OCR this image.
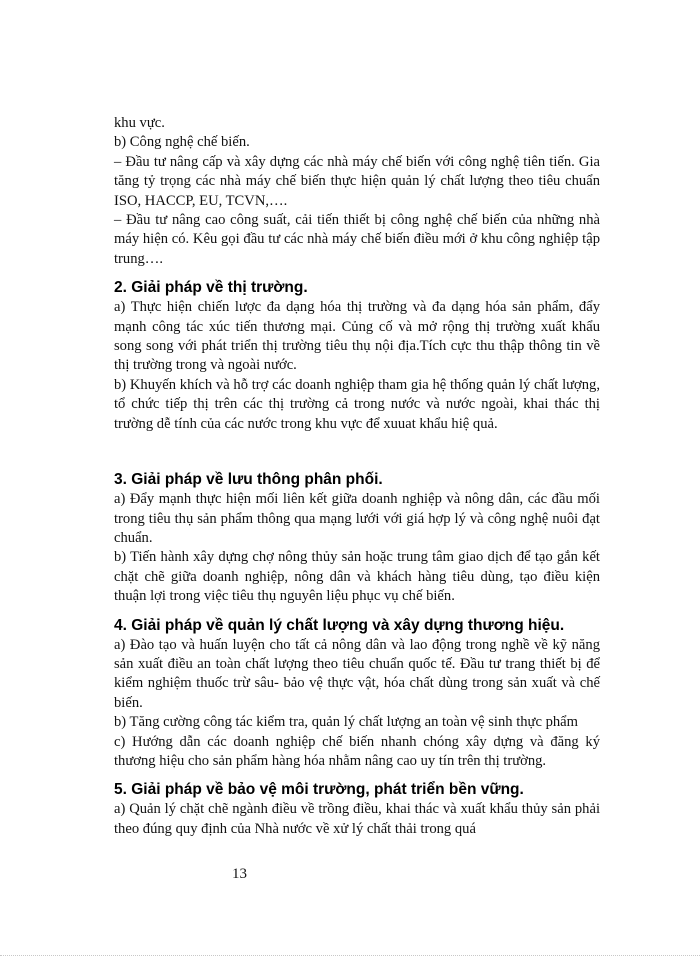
khu vực.

b) Công nghệ chế biến.

– Đầu tư nâng cấp và xây dựng các nhà máy chế biến với công nghệ tiên tiến. Gia tăng tỷ trọng các nhà máy chế biến thực hiện quản lý chất lượng theo tiêu chuẩn ISO, HACCP, EU, TCVN,….

– Đầu tư nâng cao công suất, cải tiến thiết bị công nghệ chế biến của những nhà máy hiện có. Kêu gọi đầu tư các nhà máy chế biến điều mới ở khu công nghiệp tập trung….

2. Giải pháp về thị trường.

a) Thực hiện chiến lược đa dạng hóa thị trường và đa dạng hóa sản phẩm, đẩy mạnh công tác xúc tiến thương mại. Củng cố và mở rộng thị trường xuất khẩu song song với phát triển thị trường tiêu thụ nội địa.Tích cực thu thập thông tin về thị trường trong và ngoài nước.

b) Khuyến khích và hỗ trợ các doanh nghiệp tham gia hệ thống quản lý chất lượng, tổ chức tiếp thị trên các thị trường cả trong nước và nước ngoài, khai thác thị trường dễ tính của các nước trong khu vực để xuuat khẩu hiệ quả.

3. Giải pháp về lưu thông phân phối.

a) Đẩy mạnh thực hiện mối liên kết giữa doanh nghiệp và nông dân, các đầu mối trong tiêu thụ sản phẩm thông qua mạng lưới với giá hợp lý và công nghệ nuôi đạt chuẩn.

b) Tiến hành xây dựng chợ nông thủy sản hoặc trung tâm giao dịch để tạo gắn kết chặt chẽ giữa doanh nghiệp, nông dân và khách hàng tiêu dùng, tạo điều kiện thuận lợi trong việc tiêu thụ nguyên liệu phục vụ chế biến.

4. Giải pháp về quản lý chất lượng và xây dựng thương hiệu.

a) Đào tạo và huấn luyện cho tất cả nông dân và lao động trong nghề về kỹ năng sản xuất điều an toàn chất lượng theo tiêu chuẩn quốc tế. Đầu tư trang thiết bị để kiểm nghiệm thuốc trừ sâu- bảo vệ thực vật, hóa chất dùng trong sản xuất và chế biến.

b) Tăng cường công tác kiểm tra, quản lý chất lượng an toàn vệ sinh thực phẩm

c) Hướng dẫn các doanh nghiệp chế biến nhanh chóng xây dựng và đăng ký thương hiệu cho sản phẩm hàng hóa nhằm nâng cao uy tín trên thị trường.

5. Giải pháp về bảo vệ môi trường, phát triển bền vững.

a) Quản lý chặt chẽ ngành điều về trồng điều, khai thác và xuất khẩu thủy sản phải theo đúng quy định của Nhà nước về xử lý chất thải trong quá

13
